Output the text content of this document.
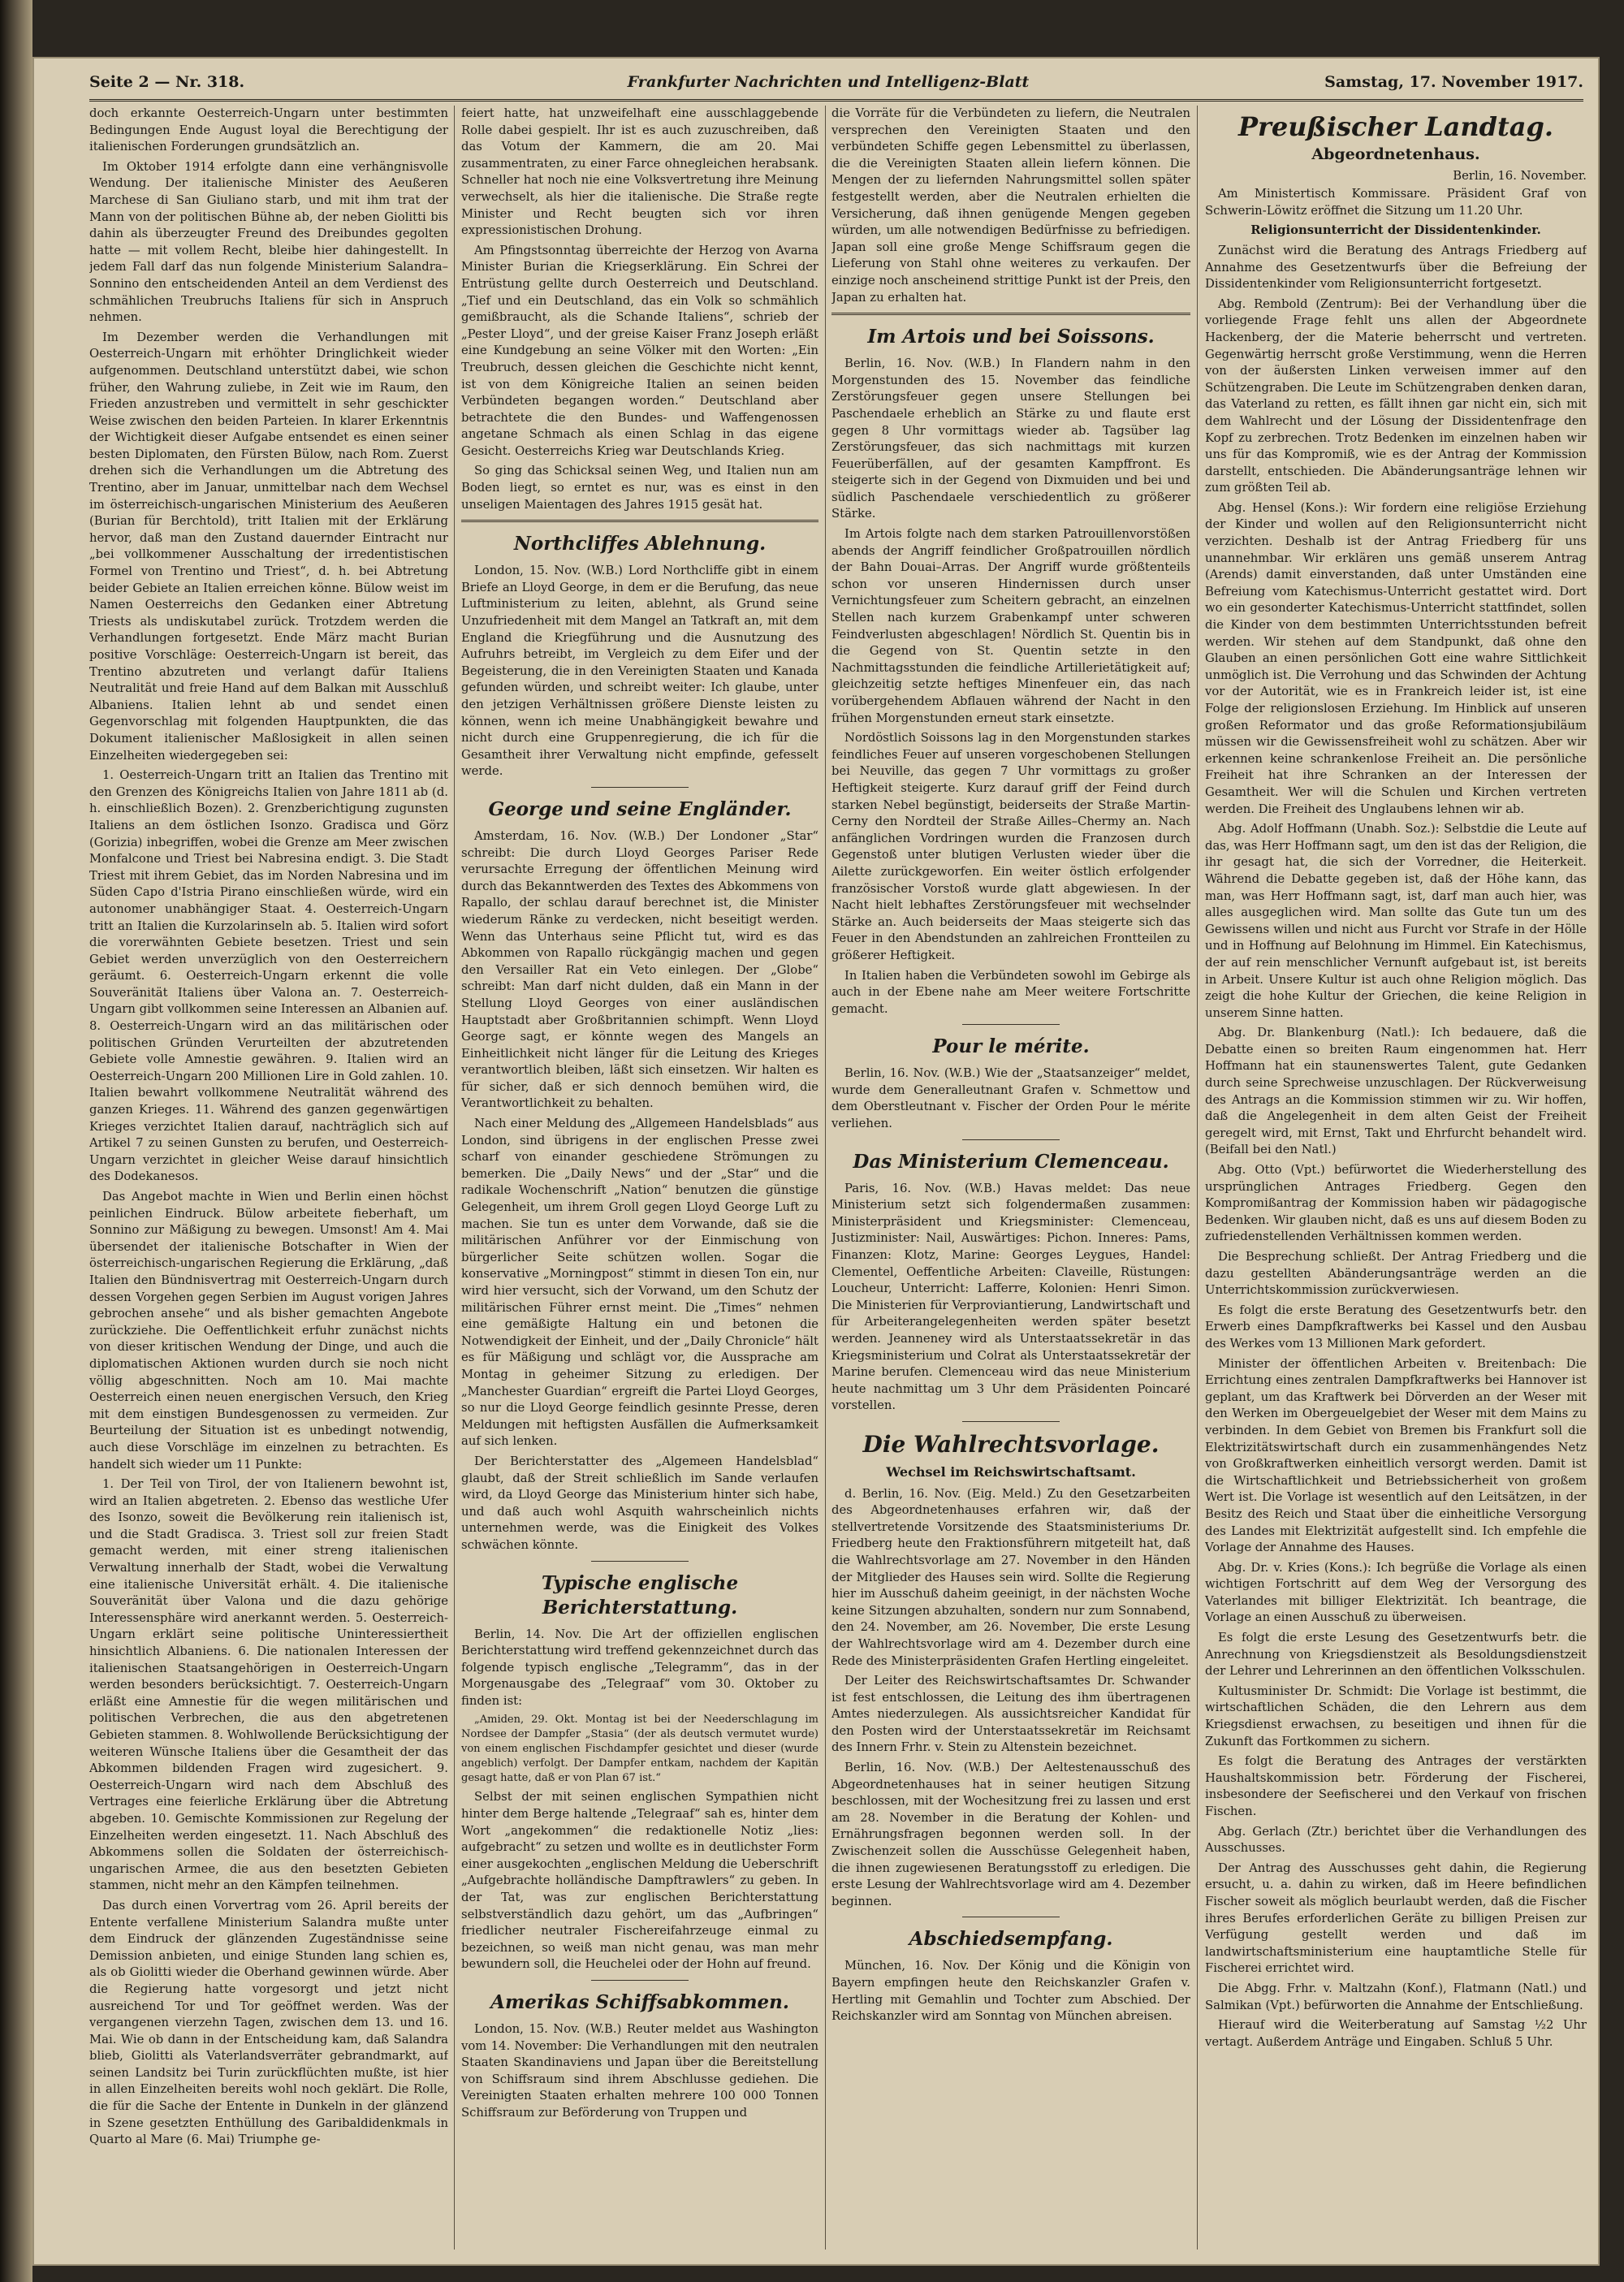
Seite 2 — Nr. 318.	Frankfurter Nachrichten und Intelligenz-Blatt	Samstag, 17. November 1917.

doch erkannte Oesterreich-Ungarn unter bestimmten Bedingungen Ende August loyal die Berechtigung der italienischen Forderungen grundsätzlich an.

Im Oktober 1914 erfolgte dann eine verhängnisvolle Wendung. Der italienische Minister des Aeußeren Marchese di San Giuliano starb, und mit ihm trat der Mann von der politischen Bühne ab, der neben Giolitti bis dahin als überzeugter Freund des Dreibundes gegolten hatte — mit vollem Recht, bleibe hier dahingestellt. In jedem Fall darf das nun folgende Ministerium Salandra–Sonnino den entscheidenden Anteil an dem Verdienst des schmählichen Treubruchs Italiens für sich in Anspruch nehmen.

Im Dezember werden die Verhandlungen mit Oesterreich-Ungarn mit erhöhter Dringlichkeit wieder aufgenommen. Deutschland unterstützt dabei, wie schon früher, den Wahrung zuliebe, in Zeit wie im Raum, den Frieden anzustreben und vermittelt in sehr geschickter Weise zwischen den beiden Parteien. In klarer Erkenntnis der Wichtigkeit dieser Aufgabe entsendet es einen seiner besten Diplomaten, den Fürsten Bülow, nach Rom. Zuerst drehen sich die Verhandlungen um die Abtretung des Trentino, aber im Januar, unmittelbar nach dem Wechsel im österreichisch-ungarischen Ministerium des Aeußeren (Burian für Berchtold), tritt Italien mit der Erklärung hervor, daß man den Zustand dauernder Eintracht nur „bei vollkommener Ausschaltung der irredentistischen Formel von Trentino und Triest“, d. h. bei Abtretung beider Gebiete an Italien erreichen könne. Bülow weist im Namen Oesterreichs den Gedanken einer Abtretung Triests als undiskutabel zurück. Trotzdem werden die Verhandlungen fortgesetzt. Ende März macht Burian positive Vorschläge: Oesterreich-Ungarn ist bereit, das Trentino abzutreten und verlangt dafür Italiens Neutralität und freie Hand auf dem Balkan mit Ausschluß Albaniens. Italien lehnt ab und sendet einen Gegenvorschlag mit folgenden Hauptpunkten, die das Dokument italienischer Maßlosigkeit in allen seinen Einzelheiten wiedergegeben sei:

1. Oesterreich-Ungarn tritt an Italien das Trentino mit den Grenzen des Königreichs Italien von Jahre 1811 ab (d. h. einschließlich Bozen). 2. Grenzberichtigung zugunsten Italiens an dem östlichen Isonzo. Gradisca und Görz (Gorizia) inbegriffen, wobei die Grenze am Meer zwischen Monfalcone und Triest bei Nabresina endigt. 3. Die Stadt Triest mit ihrem Gebiet, das im Norden Nabresina und im Süden Capo d'Istria Pirano einschließen würde, wird ein autonomer unabhängiger Staat. 4. Oesterreich-Ungarn tritt an Italien die Kurzolarinseln ab. 5. Italien wird sofort die vorerwähnten Gebiete besetzen. Triest und sein Gebiet werden unverzüglich von den Oesterreichern geräumt. 6. Oesterreich-Ungarn erkennt die volle Souveränität Italiens über Valona an. 7. Oesterreich-Ungarn gibt vollkommen seine Interessen an Albanien auf. 8. Oesterreich-Ungarn wird an das militärischen oder politischen Gründen Verurteilten der abzutretenden Gebiete volle Amnestie gewähren. 9. Italien wird an Oesterreich-Ungarn 200 Millionen Lire in Gold zahlen. 10. Italien bewahrt vollkommene Neutralität während des ganzen Krieges. 11. Während des ganzen gegenwärtigen Krieges verzichtet Italien darauf, nachträglich sich auf Artikel 7 zu seinen Gunsten zu berufen, und Oesterreich-Ungarn verzichtet in gleicher Weise darauf hinsichtlich des Dodekanesos.

Das Angebot machte in Wien und Berlin einen höchst peinlichen Eindruck. Bülow arbeitete fieberhaft, um Sonnino zur Mäßigung zu bewegen. Umsonst! Am 4. Mai übersendet der italienische Botschafter in Wien der österreichisch-ungarischen Regierung die Erklärung, „daß Italien den Bündnisvertrag mit Oesterreich-Ungarn durch dessen Vorgehen gegen Serbien im August vorigen Jahres gebrochen ansehe“ und als bisher gemachten Angebote zurückziehe. Die Oeffentlichkeit erfuhr zunächst nichts von dieser kritischen Wendung der Dinge, und auch die diplomatischen Aktionen wurden durch sie noch nicht völlig abgeschnitten. Noch am 10. Mai machte Oesterreich einen neuen energischen Versuch, den Krieg mit dem einstigen Bundesgenossen zu vermeiden. Zur Beurteilung der Situation ist es unbedingt notwendig, auch diese Vorschläge im einzelnen zu betrachten. Es handelt sich wieder um 11 Punkte:

1. Der Teil von Tirol, der von Italienern bewohnt ist, wird an Italien abgetreten. 2. Ebenso das westliche Ufer des Isonzo, soweit die Bevölkerung rein italienisch ist, und die Stadt Gradisca. 3. Triest soll zur freien Stadt gemacht werden, mit einer streng italienischen Verwaltung innerhalb der Stadt, wobei die Verwaltung eine italienische Universität erhält. 4. Die italienische Souveränität über Valona und die dazu gehörige Interessensphäre wird anerkannt werden. 5. Oesterreich-Ungarn erklärt seine politische Uninteressiertheit hinsichtlich Albaniens. 6. Die nationalen Interessen der italienischen Staatsangehörigen in Oesterreich-Ungarn werden besonders berücksichtigt. 7. Oesterreich-Ungarn erläßt eine Amnestie für die wegen militärischen und politischen Verbrechen, die aus den abgetretenen Gebieten stammen. 8. Wohlwollende Berücksichtigung der weiteren Wünsche Italiens über die Gesamtheit der das Abkommen bildenden Fragen wird zugesichert. 9. Oesterreich-Ungarn wird nach dem Abschluß des Vertrages eine feierliche Erklärung über die Abtretung abgeben. 10. Gemischte Kommissionen zur Regelung der Einzelheiten werden eingesetzt. 11. Nach Abschluß des Abkommens sollen die Soldaten der österreichisch-ungarischen Armee, die aus den besetzten Gebieten stammen, nicht mehr an den Kämpfen teilnehmen.

Das durch einen Vorvertrag vom 26. April bereits der Entente verfallene Ministerium Salandra mußte unter dem Eindruck der glänzenden Zugeständnisse seine Demission anbieten, und einige Stunden lang schien es, als ob Giolitti wieder die Oberhand gewinnen würde. Aber die Regierung hatte vorgesorgt und jetzt nicht ausreichend Tor und Tor geöffnet werden. Was der vergangenen vierzehn Tagen, zwischen dem 13. und 16. Mai. Wie ob dann in der Entscheidung kam, daß Salandra blieb, Giolitti als Vaterlandsverräter gebrandmarkt, auf seinen Landsitz bei Turin zurückflüchten mußte, ist hier in allen Einzelheiten bereits wohl noch geklärt. Die Rolle, die für die Sache der Entente in Dunkeln in der glänzend in Szene gesetzten Enthüllung des Garibaldidenkmals in Quarto al Mare (6. Mai) Triumphe ge-

feiert hatte, hat unzweifelhaft eine ausschlaggebende Rolle dabei gespielt. Ihr ist es auch zuzuschreiben, daß das Votum der Kammern, die am 20. Mai zusammentraten, zu einer Farce ohnegleichen herabsank. Schneller hat noch nie eine Volksvertretung ihre Meinung verwechselt, als hier die italienische. Die Straße regte Minister und Recht beugten sich vor ihren expressionistischen Drohung.

Am Pfingstsonntag überreichte der Herzog von Avarna Minister Burian die Kriegserklärung. Ein Schrei der Entrüstung gellte durch Oesterreich und Deutschland. „Tief und ein Deutschland, das ein Volk so schmählich gemißbraucht, als die Schande Italiens“, schrieb der „Pester Lloyd“, und der greise Kaiser Franz Joseph erläßt eine Kundgebung an seine Völker mit den Worten: „Ein Treubruch, dessen gleichen die Geschichte nicht kennt, ist von dem Königreiche Italien an seinen beiden Verbündeten begangen worden.“ Deutschland aber betrachtete die den Bundes- und Waffengenossen angetane Schmach als einen Schlag in das eigene Gesicht. Oesterreichs Krieg war Deutschlands Krieg.

So ging das Schicksal seinen Weg, und Italien nun am Boden liegt, so erntet es nur, was es einst in den unseligen Maientagen des Jahres 1915 gesät hat.

Northcliffes Ablehnung.

London, 15. Nov. (W.B.) Lord Northcliffe gibt in einem Briefe an Lloyd George, in dem er die Berufung, das neue Luftministerium zu leiten, ablehnt, als Grund seine Unzufriedenheit mit dem Mangel an Tatkraft an, mit dem England die Kriegführung und die Ausnutzung des Aufruhrs betreibt, im Vergleich zu dem Eifer und der Begeisterung, die in den Vereinigten Staaten und Kanada gefunden würden, und schreibt weiter: Ich glaube, unter den jetzigen Verhältnissen größere Dienste leisten zu können, wenn ich meine Unabhängigkeit bewahre und nicht durch eine Gruppenregierung, die ich für die Gesamtheit ihrer Verwaltung nicht empfinde, gefesselt werde.

George und seine Engländer.

Amsterdam, 16. Nov. (W.B.) Der Londoner „Star“ schreibt: Die durch Lloyd Georges Pariser Rede verursachte Erregung der öffentlichen Meinung wird durch das Bekanntwerden des Textes des Abkommens von Rapallo, der schlau darauf berechnet ist, die Minister wiederum Ränke zu verdecken, nicht beseitigt werden. Wenn das Unterhaus seine Pflicht tut, wird es das Abkommen von Rapallo rückgängig machen und gegen den Versailler Rat ein Veto einlegen. Der „Globe“ schreibt: Man darf nicht dulden, daß ein Mann in der Stellung Lloyd Georges von einer ausländischen Hauptstadt aber Großbritannien schimpft. Wenn Lloyd George sagt, er könnte wegen des Mangels an Einheitlichkeit nicht länger für die Leitung des Krieges verantwortlich bleiben, läßt sich einsetzen. Wir halten es für sicher, daß er sich dennoch bemühen wird, die Verantwortlichkeit zu behalten.

Nach einer Meldung des „Allgemeen Handelsblads“ aus London, sind übrigens in der englischen Presse zwei scharf von einander geschiedene Strömungen zu bemerken. Die „Daily News“ und der „Star“ und die radikale Wochenschrift „Nation“ benutzen die günstige Gelegenheit, um ihrem Groll gegen Lloyd George Luft zu machen. Sie tun es unter dem Vorwande, daß sie die militärischen Anführer vor der Einmischung von bürgerlicher Seite schützen wollen. Sogar die konservative „Morningpost“ stimmt in diesen Ton ein, nur wird hier versucht, sich der Vorwand, um den Schutz der militärischen Führer ernst meint. Die „Times“ nehmen eine gemäßigte Haltung ein und betonen die Notwendigkeit der Einheit, und der „Daily Chronicle“ hält es für Mäßigung und schlägt vor, die Aussprache am Montag in geheimer Sitzung zu erledigen. Der „Manchester Guardian“ ergreift die Partei Lloyd Georges, so nur die Lloyd George feindlich gesinnte Presse, deren Meldungen mit heftigsten Ausfällen die Aufmerksamkeit auf sich lenken.

Der Berichterstatter des „Algemeen Handelsblad“ glaubt, daß der Streit schließlich im Sande verlaufen wird, da Lloyd George das Ministerium hinter sich habe, und daß auch wohl Asquith wahrscheinlich nichts unternehmen werde, was die Einigkeit des Volkes schwächen könnte.

Typische englische Berichterstattung.

Berlin, 14. Nov. Die Art der offiziellen englischen Berichterstattung wird treffend gekennzeichnet durch das folgende typisch englische „Telegramm“, das in der Morgenausgabe des „Telegraaf“ vom 30. Oktober zu finden ist:

„Amiden, 29. Okt. Montag ist bei der Neederschlagung im Nordsee der Dampfer „Stasia“ (der als deutsch vermutet wurde) von einem englischen Fischdampfer gesichtet und dieser (wurde angeblich) verfolgt. Der Dampfer entkam, nachdem der Kapitän gesagt hatte, daß er von Plan 67 ist.“

Selbst der mit seinen englischen Sympathien nicht hinter dem Berge haltende „Telegraaf“ sah es, hinter dem Wort „angekommen“ die redaktionelle Notiz „lies: aufgebracht“ zu setzen und wollte es in deutlichster Form einer ausgekochten „englischen Meldung die Ueberschrift „Aufgebrachte holländische Dampftrawlers“ zu geben. In der Tat, was zur englischen Berichterstattung selbstverständlich dazu gehört, um das „Aufbringen“ friedlicher neutraler Fischereifahrzeuge einmal zu bezeichnen, so weiß man nicht genau, was man mehr bewundern soll, die Heuchelei oder der Hohn auf freund.

Amerikas Schiffsabkommen.

London, 15. Nov. (W.B.) Reuter meldet aus Washington vom 14. November: Die Verhandlungen mit den neutralen Staaten Skandinaviens und Japan über die Bereitstellung von Schiffsraum sind ihrem Abschlusse gediehen. Die Vereinigten Staaten erhalten mehrere 100 000 Tonnen Schiffsraum zur Beförderung von Truppen und

die Vorräte für die Verbündeten zu liefern, die Neutralen versprechen den Vereinigten Staaten und den verbündeten Schiffe gegen Lebensmittel zu überlassen, die die Vereinigten Staaten allein liefern können. Die Mengen der zu liefernden Nahrungsmittel sollen später festgestellt werden, aber die Neutralen erhielten die Versicherung, daß ihnen genügende Mengen gegeben würden, um alle notwendigen Bedürfnisse zu befriedigen. Japan soll eine große Menge Schiffsraum gegen die Lieferung von Stahl ohne weiteres zu verkaufen. Der einzige noch anscheinend strittige Punkt ist der Preis, den Japan zu erhalten hat.

Im Artois und bei Soissons.

Berlin, 16. Nov. (W.B.) In Flandern nahm in den Morgenstunden des 15. November das feindliche Zerstörungsfeuer gegen unsere Stellungen bei Paschendaele erheblich an Stärke zu und flaute erst gegen 8 Uhr vormittags wieder ab. Tagsüber lag Zerstörungsfeuer, das sich nachmittags mit kurzen Feuerüberfällen, auf der gesamten Kampffront. Es steigerte sich in der Gegend von Dixmuiden und bei und südlich Paschendaele verschiedentlich zu größerer Stärke.

Im Artois folgte nach dem starken Patrouillenvorstößen abends der Angriff feindlicher Großpatrouillen nördlich der Bahn Douai–Arras. Der Angriff wurde größtenteils schon vor unseren Hindernissen durch unser Vernichtungsfeuer zum Scheitern gebracht, an einzelnen Stellen nach kurzem Grabenkampf unter schweren Feindverlusten abgeschlagen! Nördlich St. Quentin bis in die Gegend von St. Quentin setzte in den Nachmittagsstunden die feindliche Artillerietätigkeit auf; gleichzeitig setzte heftiges Minenfeuer ein, das nach vorübergehendem Abflauen während der Nacht in den frühen Morgenstunden erneut stark einsetzte.

Nordöstlich Soissons lag in den Morgenstunden starkes feindliches Feuer auf unseren vorgeschobenen Stellungen bei Neuville, das gegen 7 Uhr vormittags zu großer Heftigkeit steigerte. Kurz darauf griff der Feind durch starken Nebel begünstigt, beiderseits der Straße Martin-Cerny den Nordteil der Straße Ailles–Chermy an. Nach anfänglichen Vordringen wurden die Franzosen durch Gegenstoß unter blutigen Verlusten wieder über die Ailette zurückgeworfen. Ein weiter östlich erfolgender französischer Vorstoß wurde glatt abgewiesen. In der Nacht hielt lebhaftes Zerstörungsfeuer mit wechselnder Stärke an. Auch beiderseits der Maas steigerte sich das Feuer in den Abendstunden an zahlreichen Frontteilen zu größerer Heftigkeit.

In Italien haben die Verbündeten sowohl im Gebirge als auch in der Ebene nahe am Meer weitere Fortschritte gemacht.

Pour le mérite.

Berlin, 16. Nov. (W.B.) Wie der „Staatsanzeiger“ meldet, wurde dem Generalleutnant Grafen v. Schmettow und dem Oberstleutnant v. Fischer der Orden Pour le mérite verliehen.

Das Ministerium Clemenceau.

Paris, 16. Nov. (W.B.) Havas meldet: Das neue Ministerium setzt sich folgendermaßen zusammen: Ministerpräsident und Kriegsminister: Clemenceau, Justizminister: Nail, Auswärtiges: Pichon. Inneres: Pams, Finanzen: Klotz, Marine: Georges Leygues, Handel: Clementel, Oeffentliche Arbeiten: Claveille, Rüstungen: Loucheur, Unterricht: Lafferre, Kolonien: Henri Simon. Die Ministerien für Verproviantierung, Landwirtschaft und für Arbeiterangelegenheiten werden später besetzt werden. Jeanneney wird als Unterstaatssekretär in das Kriegsministerium und Colrat als Unterstaatssekretär der Marine berufen. Clemenceau wird das neue Ministerium heute nachmittag um 3 Uhr dem Präsidenten Poincaré vorstellen.

Die Wahlrechtsvorlage.
Wechsel im Reichswirtschaftsamt.

d. Berlin, 16. Nov. (Eig. Meld.) Zu den Gesetzarbeiten des Abgeordnetenhauses erfahren wir, daß der stellvertretende Vorsitzende des Staatsministeriums Dr. Friedberg heute den Fraktionsführern mitgeteilt hat, daß die Wahlrechtsvorlage am 27. November in den Händen der Mitglieder des Hauses sein wird. Sollte die Regierung hier im Ausschuß daheim geeinigt, in der nächsten Woche keine Sitzungen abzuhalten, sondern nur zum Sonnabend, den 24. November, am 26. November, Die erste Lesung der Wahlrechtsvorlage wird am 4. Dezember durch eine Rede des Ministerpräsidenten Grafen Hertling eingeleitet.

Der Leiter des Reichswirtschaftsamtes Dr. Schwander ist fest entschlossen, die Leitung des ihm übertragenen Amtes niederzulegen. Als aussichtsreicher Kandidat für den Posten wird der Unterstaatssekretär im Reichsamt des Innern Frhr. v. Stein zu Altenstein bezeichnet.

Berlin, 16. Nov. (W.B.) Der Aeltestenausschuß des Abgeordnetenhauses hat in seiner heutigen Sitzung beschlossen, mit der Wochesitzung frei zu lassen und erst am 28. November in die Beratung der Kohlen- und Ernährungsfragen begonnen werden soll. In der Zwischenzeit sollen die Ausschüsse Gelegenheit haben, die ihnen zugewiesenen Beratungsstoff zu erledigen. Die erste Lesung der Wahlrechtsvorlage wird am 4. Dezember beginnen.

Abschiedsempfang.

München, 16. Nov. Der König und die Königin von Bayern empfingen heute den Reichskanzler Grafen v. Hertling mit Gemahlin und Tochter zum Abschied. Der Reichskanzler wird am Sonntag von München abreisen.

Preußischer Landtag.
Abgeordnetenhaus.
Berlin, 16. November.

Am Ministertisch Kommissare. Präsident Graf von Schwerin-Löwitz eröffnet die Sitzung um 11.20 Uhr.

Religionsunterricht der Dissidentenkinder.

Zunächst wird die Beratung des Antrags Friedberg auf Annahme des Gesetzentwurfs über die Befreiung der Dissidentenkinder vom Religionsunterricht fortgesetzt.

Abg. Rembold (Zentrum): Bei der Verhandlung über die vorliegende Frage fehlt uns allen der Abgeordnete Hackenberg, der die Materie beherrscht und vertreten. Gegenwärtig herrscht große Verstimmung, wenn die Herren von der äußersten Linken verweisen immer auf den Schützengraben. Die Leute im Schützengraben denken daran, das Vaterland zu retten, es fällt ihnen gar nicht ein, sich mit dem Wahlrecht und der Lösung der Dissidentenfrage den Kopf zu zerbrechen. Trotz Bedenken im einzelnen haben wir uns für das Kompromiß, wie es der Antrag der Kommission darstellt, entschieden. Die Abänderungsanträge lehnen wir zum größten Teil ab.

Abg. Hensel (Kons.): Wir fordern eine religiöse Erziehung der Kinder und wollen auf den Religionsunterricht nicht verzichten. Deshalb ist der Antrag Friedberg für uns unannehmbar. Wir erklären uns gemäß unserem Antrag (Arends) damit einverstanden, daß unter Umständen eine Befreiung vom Katechismus-Unterricht gestattet wird. Dort wo ein gesonderter Katechismus-Unterricht stattfindet, sollen die Kinder von dem bestimmten Unterrichtsstunden befreit werden. Wir stehen auf dem Standpunkt, daß ohne den Glauben an einen persönlichen Gott eine wahre Sittlichkeit unmöglich ist. Die Verrohung und das Schwinden der Achtung vor der Autorität, wie es in Frankreich leider ist, ist eine Folge der religionslosen Erziehung. Im Hinblick auf unseren großen Reformator und das große Reformationsjubiläum müssen wir die Gewissensfreiheit wohl zu schätzen. Aber wir erkennen keine schrankenlose Freiheit an. Die persönliche Freiheit hat ihre Schranken an der Interessen der Gesamtheit. Wer will die Schulen und Kirchen vertreten werden. Die Freiheit des Unglaubens lehnen wir ab.

Abg. Adolf Hoffmann (Unabh. Soz.): Selbstdie die Leute auf das, was Herr Hoffmann sagt, um den ist das der Religion, die ihr gesagt hat, die sich der Vorredner, die Heiterkeit. Während die Debatte gegeben ist, daß der Höhe kann, das man, was Herr Hoffmann sagt, ist, darf man auch hier, was alles ausgeglichen wird. Man sollte das Gute tun um des Gewissens willen und nicht aus Furcht vor Strafe in der Hölle und in Hoffnung auf Belohnung im Himmel. Ein Katechismus, der auf rein menschlicher Vernunft aufgebaut ist, ist bereits in Arbeit. Unsere Kultur ist auch ohne Religion möglich. Das zeigt die hohe Kultur der Griechen, die keine Religion in unserem Sinne hatten.

Abg. Dr. Blankenburg (Natl.): Ich bedauere, daß die Debatte einen so breiten Raum eingenommen hat. Herr Hoffmann hat ein staunenswertes Talent, gute Gedanken durch seine Sprechweise unzuschlagen. Der Rückverweisung des Antrags an die Kommission stimmen wir zu. Wir hoffen, daß die Angelegenheit in dem alten Geist der Freiheit geregelt wird, mit Ernst, Takt und Ehrfurcht behandelt wird. (Beifall bei den Natl.)

Abg. Otto (Vpt.) befürwortet die Wiederherstellung des ursprünglichen Antrages Friedberg. Gegen den Kompromißantrag der Kommission haben wir pädagogische Bedenken. Wir glauben nicht, daß es uns auf diesem Boden zu zufriedenstellenden Verhältnissen kommen werden.

Die Besprechung schließt. Der Antrag Friedberg und die dazu gestellten Abänderungsanträge werden an die Unterrichtskommission zurückverwiesen.

Es folgt die erste Beratung des Gesetzentwurfs betr. den Erwerb eines Dampfkraftwerks bei Kassel und den Ausbau des Werkes vom 13 Millionen Mark gefordert.

Minister der öffentlichen Arbeiten v. Breitenbach: Die Errichtung eines zentralen Dampfkraftwerks bei Hannover ist geplant, um das Kraftwerk bei Dörverden an der Weser mit den Werken im Obergeuelgebiet der Weser mit dem Mains zu verbinden. In dem Gebiet von Bremen bis Frankfurt soll die Elektrizitätswirtschaft durch ein zusammenhängendes Netz von Großkraftwerken einheitlich versorgt werden. Damit ist die Wirtschaftlichkeit und Betriebssicherheit von großem Wert ist. Die Vorlage ist wesentlich auf den Leitsätzen, in der Besitz des Reich und Staat über die einheitliche Versorgung des Landes mit Elektrizität aufgestellt sind. Ich empfehle die Vorlage der Annahme des Hauses.

Abg. Dr. v. Kries (Kons.): Ich begrüße die Vorlage als einen wichtigen Fortschritt auf dem Weg der Versorgung des Vaterlandes mit billiger Elektrizität. Ich beantrage, die Vorlage an einen Ausschuß zu überweisen.

Es folgt die erste Lesung des Gesetzentwurfs betr. die Anrechnung von Kriegsdienstzeit als Besoldungsdienstzeit der Lehrer und Lehrerinnen an den öffentlichen Volksschulen.

Kultusminister Dr. Schmidt: Die Vorlage ist bestimmt, die wirtschaftlichen Schäden, die den Lehrern aus dem Kriegsdienst erwachsen, zu beseitigen und ihnen für die Zukunft das Fortkommen zu sichern.

Es folgt die Beratung des Antrages der verstärkten Haushaltskommission betr. Förderung der Fischerei, insbesondere der Seefischerei und den Verkauf von frischen Fischen.

Abg. Gerlach (Ztr.) berichtet über die Verhandlungen des Ausschusses.

Der Antrag des Ausschusses geht dahin, die Regierung ersucht, u. a. dahin zu wirken, daß im Heere befindlichen Fischer soweit als möglich beurlaubt werden, daß die Fischer ihres Berufes erforderlichen Geräte zu billigen Preisen zur Verfügung gestellt werden und daß im landwirtschaftsministerium eine hauptamtliche Stelle für Fischerei errichtet wird.

Die Abgg. Frhr. v. Maltzahn (Konf.), Flatmann (Natl.) und Salmikan (Vpt.) befürworten die Annahme der Entschließung.

Hierauf wird die Weiterberatung auf Samstag ½2 Uhr vertagt. Außerdem Anträge und Eingaben. Schluß 5 Uhr.
